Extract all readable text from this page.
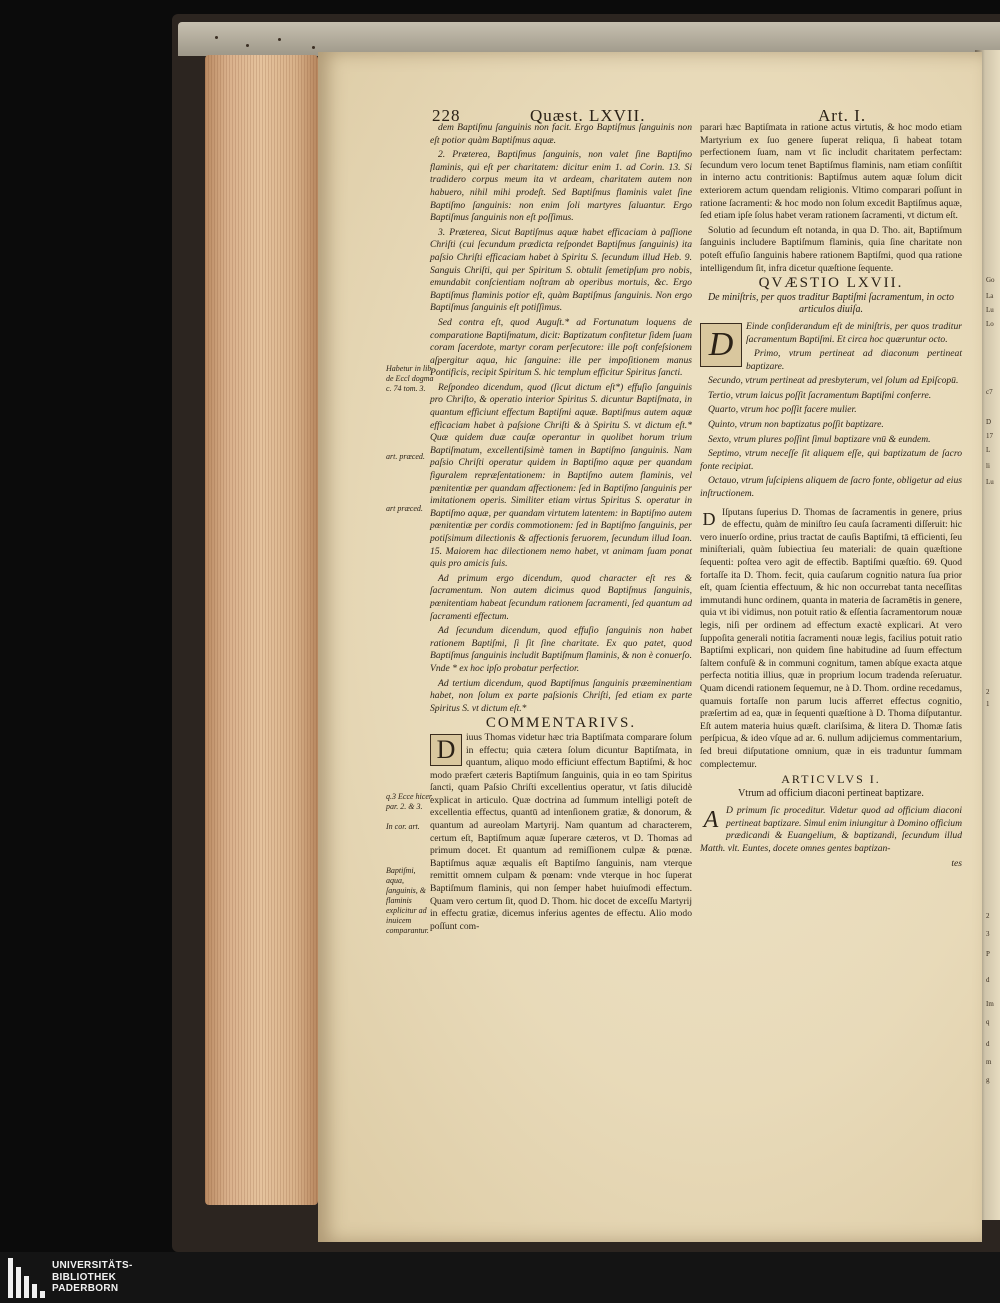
228	Quæst. LXVII.	Art. I.
Habetur in lib. de Eccl dogma c. 74 tom. 3.
art. præced.
art præced.
q.3 Ecce hicer. par. 2. & 3.
In cor. art.
Baptiſmi, aqua, ſanguinis, & flaminis explicitur ad inuicem comparantur.

dem Baptiſmu ſanguinis non facit. Ergo Baptiſmus ſanguinis non eſt potior quàm Baptiſmus aquæ.

2. Præterea, Baptiſmus ſanguinis, non valet ſine Baptiſmo flaminis, qui eſt per charitatem: dicitur enim 1. ad Corin. 13. Si tradidero corpus meum ita vt ardeam, charitatem autem non habuero, nihil mihi prodeſt. Sed Baptiſmus flaminis valet ſine Baptiſmo ſanguinis: non enim ſoli martyres ſaluantur. Ergo Baptiſmus ſanguinis non eſt poſſimus.

3. Præterea, Sicut Baptiſmus aquæ habet efficaciam à paſſione Chriſti (cui ſecundum prædicta reſpondet Baptiſmus ſanguinis) ita paſsio Chriſti efficaciam habet à Spiritu S. ſecundum illud Heb. 9. Sanguis Chriſti, qui per Spiritum S. obtulit ſemetipſum pro nobis, emundabit conſcientiam noſtram ab operibus mortuis, &c. Ergo Baptiſmus flaminis potior eſt, quàm Baptiſmus ſanguinis. Non ergo Baptiſmus ſanguinis eſt potiſſimus.

Sed contra eſt, quod Auguſt.* ad Fortunatum loquens de comparatione Baptiſmatum, dicit: Baptizatum confitetur ſidem ſuam coram ſacerdote, martyr coram perſecutore: ille poſt confeſsionem aſpergitur aqua, hic ſanguine: ille per impoſitionem manus Pontificis, recipit Spiritum S. hic templum efficitur Spiritus ſancti.

Reſpondeo dicendum, quod (ſicut dictum eſt*) effuſio ſanguinis pro Chriſto, & operatio interior Spiritus S. dicuntur Baptiſmata, in quantum efficiunt effectum Baptiſmi aquæ. Baptiſmus autem aquæ efficaciam habet à paſsione Chriſti & à Spiritu S. vt dictum eſt.* Quæ quidem duæ cauſæ operantur in quolibet horum trium Baptiſmatum, excellentiſsimè tamen in Baptiſmo ſanguinis. Nam paſsio Chriſti operatur quidem in Baptiſmo aquæ per quandam figuralem repræſentationem: in Baptiſmo autem flaminis, vel pœnitentiæ per quandam affectionem: ſed in Baptiſmo ſanguinis per imitationem operis. Similiter etiam virtus Spiritus S. operatur in Baptiſmo aquæ, per quandam virtutem latentem: in Baptiſmo autem pœnitentiæ per cordis commotionem: ſed in Baptiſmo ſanguinis, per potiſsimum dilectionis & affectionis feruorem, ſecundum illud Ioan. 15. Maiorem hac dilectionem nemo habet, vt animam ſuam ponat quis pro amicis ſuis.

Ad primum ergo dicendum, quod character eſt res & ſacramentum. Non autem dicimus quod Baptiſmus ſanguinis, pœnitentiam habeat ſecundum rationem ſacramenti, ſed quantum ad ſacramenti effectum.

Ad ſecundum dicendum, quod effuſio ſanguinis non habet rationem Baptiſmi, ſi ſit ſine charitate. Ex quo patet, quod Baptiſmus ſanguinis includit Baptiſmum flaminis, & non è conuerſo. Vnde * ex hoc ipſo probatur perfectior.

Ad tertium dicendum, quod Baptiſmus ſanguinis præeminentiam habet, non ſolum ex parte paſsionis Chriſti, ſed etiam ex parte Spiritus S. vt dictum eſt.*

COMMENTARIVS.

D	iuus Thomas videtur hæc tria Baptiſmata comparare ſolum in effectu; quia cætera ſolum dicuntur Baptiſmata, in quantum, aliquo modo efficiunt effectum Baptiſmi, & hoc modo præfert cæteris Baptiſmum ſanguinis, quia in eo tam Spiritus ſancti, quam Paſsio Chriſti excellentius operatur, vt ſatis dilucidè explicat in articulo. Quæ doctrina ad ſummum intelligi poteſt de excellentia effectus, quantū ad intenſionem gratiæ, & donorum, & quantum ad aureolam Martyrij. Nam quantum ad characterem, certum eſt, Baptiſmum aquæ ſuperare cæteros, vt D. Thomas ad primum docet. Et quantum ad remiſſionem culpæ & pœnæ. Baptiſmus aquæ æqualis eſt Baptiſmo ſanguinis, nam vterque remittit omnem culpam & pœnam: vnde vterque in hoc ſuperat Baptiſmum flaminis, qui non ſemper habet huiuſmodi effectum. Quam vero certum ſit, quod D. Thom. hic docet de exceſſu Martyrij in effectu gratiæ, dicemus inferius agentes de effectu. Alio modo poſſunt com-

parari hæc Baptiſmata in ratione actus virtutis, & hoc modo etiam Martyrium ex ſuo genere ſuperat reliqua, ſi habeat totam perfectionem ſuam, nam vt ſic includit charitatem perfectam: ſecundum vero locum tenet Baptiſmus flaminis, nam etiam conſiſtit in interno actu contritionis: Baptiſmus autem aquæ ſolum dicit exteriorem actum quendam religionis. Vltimo comparari poſſunt in ratione ſacramenti: & hoc modo non ſolum excedit Baptiſmus aquæ, ſed etiam ipſe ſolus habet veram rationem ſacramenti, vt dictum eſt.

Solutio ad ſecundum eſt notanda, in qua D. Tho. ait, Baptiſmum ſanguinis includere Baptiſmum flaminis, quia ſine charitate non poteſt effuſio ſanguinis habere rationem Baptiſmi, quod qua ratione intelligendum ſit, infra dicetur quæſtione ſequente.

QVÆSTIO LXVII.

De miniſtris, per quos traditur Baptiſmi ſacramentum, in octo articulos diuiſa.

D	Einde conſiderandum eſt de miniſtris, per quos traditur ſacramentum Baptiſmi. Et circa hoc quæruntur octo.

Primo, vtrum pertineat ad diaconum pertineat baptizare.

Secundo, vtrum pertineat ad presbyterum, vel ſolum ad Epiſcopū.

Tertio, vtrum laicus poſſit ſacramentum Baptiſmi conferre.

Quarto, vtrum hoc poſſit facere mulier.

Quinto, vtrum non baptizatus poſſit baptizare.

Sexto, vtrum plures poſſint ſimul baptizare vnū & eundem.

Septimo, vtrum neceſſe ſit aliquem eſſe, qui baptizatum de ſacro fonte recipiat.

Octauo, vtrum ſuſcipiens aliquem de ſacro fonte, obligetur ad eius inſtructionem.

D Iſputans ſuperius D. Thomas de ſacramentis in genere, prius de effectu, quàm de miniſtro ſeu cauſa ſacramenti diſſeruit: hic vero inuerſo ordine, prius tractat de cauſis Baptiſmi, tā efficienti, ſeu miniſteriali, quàm ſubiectiua ſeu materiali: de quain quæſtione ſequenti: poſtea vero agit de effectib. Baptiſmi quæſtio. 69. Quod fortaſſe ita D. Thom. fecit, quia cauſarum cognitio natura ſua prior eſt, quam ſcientia effectuum, & hic non occurrebat tanta neceſſitas immutandi hunc ordinem, quanta in materia de ſacramētis in genere, quia vt ibi vidimus, non potuit ratio & eſſentia ſacramentorum nouæ legis, niſi per ordinem ad effectum exactè explicari. At vero ſuppoſita generali notitia ſacramenti nouæ legis, facilius potuit ratio Baptiſmi explicari, non quidem ſine habitudine ad ſuum effectum ſaltem confuſè & in communi cognitum, tamen abſque exacta atque perfecta notitia illius, quæ in proprium locum tradenda reſeruatur. Quam dicendi rationem ſequemur, ne à D. Thom. ordine recedamus, quamuis fortaſſe non parum lucis afferret effectus cognitio, præſertim ad ea, quæ in ſequenti quæſtione à D. Thoma diſputantur. Eſt autem materia huius quæſt. clariſsima, & litera D. Thomæ ſatis perſpicua, & ideo vſque ad ar. 6. nullum adijciemus commentarium, ſed breui diſputatione omnium, quæ in eis traduntur ſummam complectemur.

ARTICVLVS I.

Vtrum ad officium diaconi pertineat baptizare.

A D primum ſic proceditur. Videtur quod ad officium diaconi pertineat baptizare. Simul enim iniungitur à Domino officium prædicandi & Euangelium, & baptizandi, ſecundum illud Matth. vlt. Euntes, docete omnes gentes baptizan-

tes

Go
La
Lu
Lo
c7
D
17
L
li
Lu
2
1
2
3
P
d
Im
q
d
m
g
UNIVERSITÄTS-
BIBLIOTHEK
PADERBORN
